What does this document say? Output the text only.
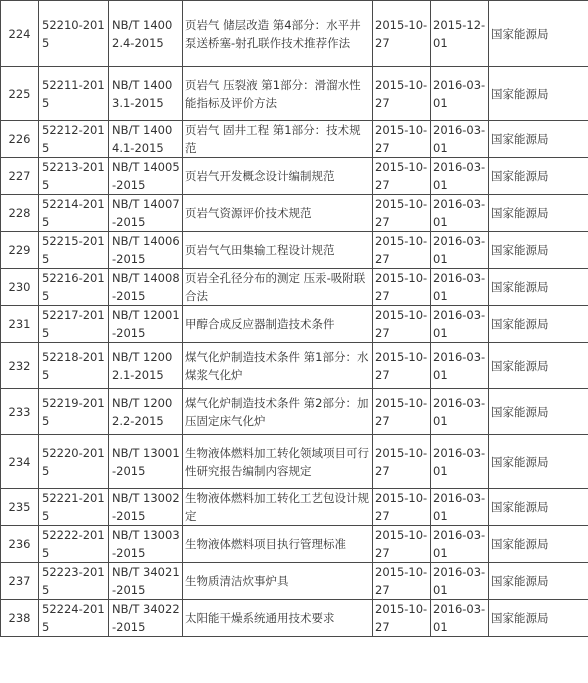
224	52210-2015	NB/T 14002.4-2015	页岩气 储层改造 第4部分：水平井泵送桥塞-射孔联作技术推荐作法	2015-10-27	2015-12-01	国家能源局
225	52211-2015	NB/T 14003.1-2015	页岩气 压裂液 第1部分：滑溜水性能指标及评价方法	2015-10-27	2016-03-01	国家能源局
226	52212-2015	NB/T 14004.1-2015	页岩气 固井工程 第1部分：技术规范	2015-10-27	2016-03-01	国家能源局
227	52213-2015	NB/T 14005-2015	页岩气开发概念设计编制规范	2015-10-27	2016-03-01	国家能源局
228	52214-2015	NB/T 14007-2015	页岩气资源评价技术规范	2015-10-27	2016-03-01	国家能源局
229	52215-2015	NB/T 14006-2015	页岩气气田集输工程设计规范	2015-10-27	2016-03-01	国家能源局
230	52216-2015	NB/T 14008-2015	页岩全孔径分布的测定 压汞-吸附联合法	2015-10-27	2016-03-01	国家能源局
231	52217-2015	NB/T 12001-2015	甲醇合成反应器制造技术条件	2015-10-27	2016-03-01	国家能源局
232	52218-2015	NB/T 12002.1-2015	煤气化炉制造技术条件 第1部分：水煤浆气化炉	2015-10-27	2016-03-01	国家能源局
233	52219-2015	NB/T 12002.2-2015	煤气化炉制造技术条件 第2部分：加压固定床气化炉	2015-10-27	2016-03-01	国家能源局
234	52220-2015	NB/T 13001-2015	生物液体燃料加工转化领域项目可行性研究报告编制内容规定	2015-10-27	2016-03-01	国家能源局
235	52221-2015	NB/T 13002-2015	生物液体燃料加工转化工艺包设计规定	2015-10-27	2016-03-01	国家能源局
236	52222-2015	NB/T 13003-2015	生物液体燃料项目执行管理标准	2015-10-27	2016-03-01	国家能源局
237	52223-2015	NB/T 34021-2015	生物质清洁炊事炉具	2015-10-27	2016-03-01	国家能源局
238	52224-2015	NB/T 34022-2015	太阳能干燥系统通用技术要求	2015-10-27	2016-03-01	国家能源局
